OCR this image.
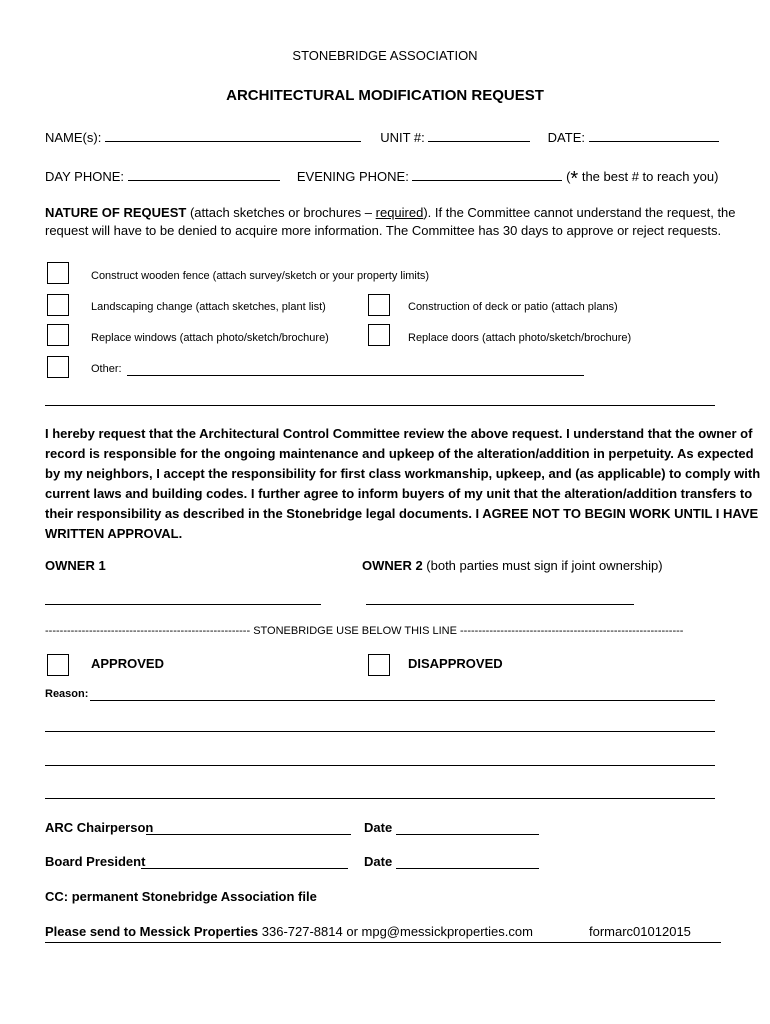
STONEBRIDGE ASSOCIATION
ARCHITECTURAL MODIFICATION REQUEST
NAME(s):	UNIT #:	DATE:
DAY PHONE:	EVENING PHONE:	(* the best # to reach you)
NATURE OF REQUEST (attach sketches or brochures – required). If the Committee cannot understand the request, the
request will have to be denied to acquire more information. The Committee has 30 days to approve or reject requests.
Construct wooden fence (attach survey/sketch or your property limits)
Landscaping change (attach sketches, plant list)	Construction of deck or patio (attach plans)
Replace windows (attach photo/sketch/brochure)	Replace doors (attach photo/sketch/brochure)
Other:
I hereby request that the Architectural Control Committee review the above request. I understand that the owner of
record is responsible for the ongoing maintenance and upkeep of the alteration/addition in perpetuity. As expected
by my neighbors, I accept the responsibility for first class workmanship, upkeep, and (as applicable) to comply with
current laws and building codes. I further agree to inform buyers of my unit that the alteration/addition transfers to
their responsibility as described in the Stonebridge legal documents. I AGREE NOT TO BEGIN WORK UNTIL I HAVE
WRITTEN APPROVAL.
OWNER 1	OWNER 2 (both parties must sign if joint ownership)
-------------------------------------------------------- STONEBRIDGE USE BELOW THIS LINE -------------------------------------------------------------
APPROVED	DISAPPROVED
Reason:
ARC Chairperson	Date
Board President	Date
CC: permanent Stonebridge Association file
Please send to Messick Properties 336-727-8814 or mpg@messickproperties.com	formarc01012015
